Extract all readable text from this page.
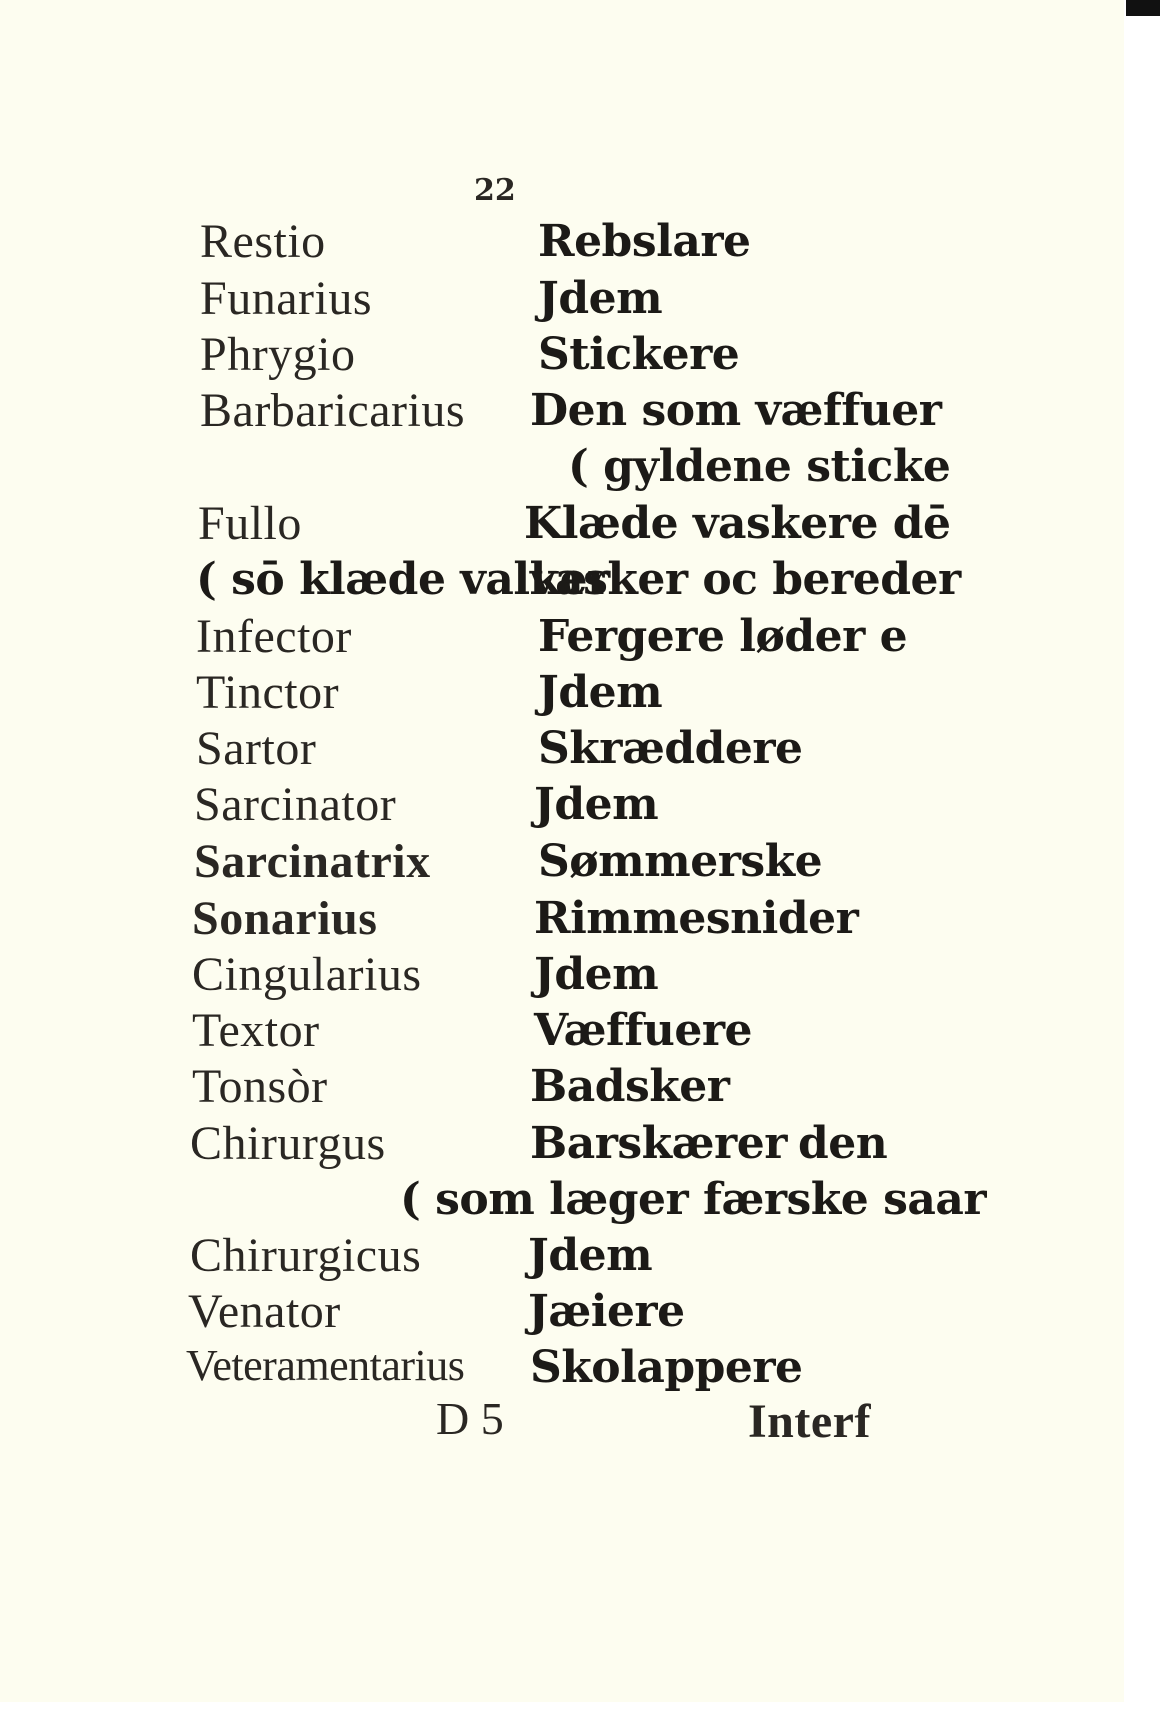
22
Restio	Rebslare
Funarius	Jdem
Phrygio	Stickere
Barbaricarius Den som væffuer
( gyldene sticke
Fullo	Klæde vaskere dē
( sō klæde valker
vasker oc bereder
Infector	Fergere løder e
Tinctor	Jdem
Sartor	Skræddere
Sarcinator	Jdem
Sarcinatrix Sømmerske
Sonarius	Rimmesnider
Cingularius	Jdem
Textor	Væffuere
Tonsòr	Badsker
Chirurgus	Barskærer den
( som læger færske saar
Chirurgicus Jdem
Venator	Jæiere
Veteramentarius Skolappere
D 5	Interf
